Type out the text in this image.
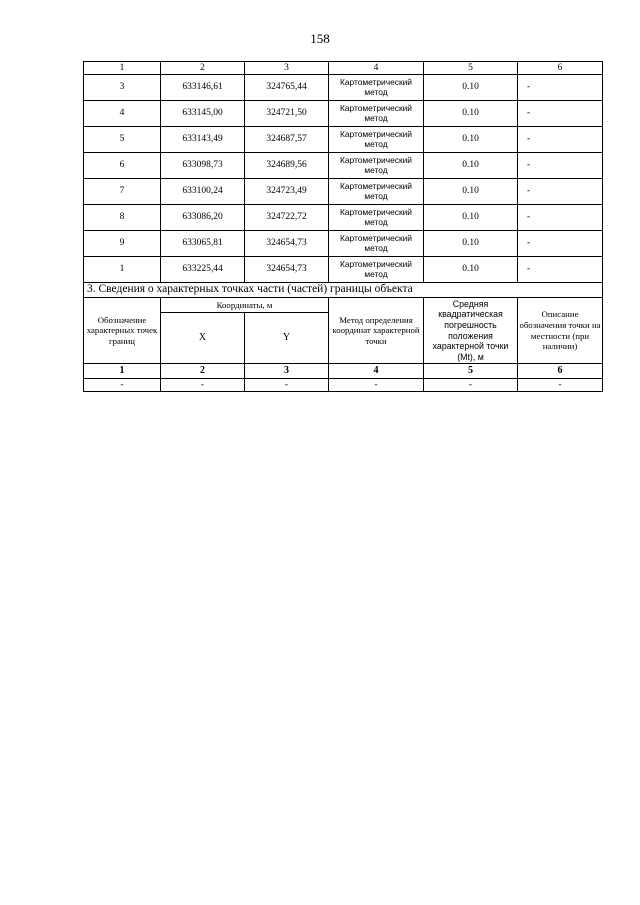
158
1	2	3	4	5	6
3	633146,61	324765,44	Картометрический метод	0.10	-
4	633145,00	324721,50	Картометрический метод	0.10	-
5	633143,49	324687,57	Картометрический метод	0.10	-
6	633098,73	324689,56	Картометрический метод	0.10	-
7	633100,24	324723,49	Картометрический метод	0.10	-
8	633086,20	324722,72	Картометрический метод	0.10	-
9	633065,81	324654,73	Картометрический метод	0.10	-
1	633225,44	324654,73	Картометрический метод	0.10	-
3. Сведения о характерных точках части (частей) границы объекта					
Обозначение характерных точек границ	Координаты, м		Метод определения координат характерной точки	Средняя квадратическая погрешность положения характерной точки (Mt), м	Описание обозначения точки на местности (при наличии)
	X	Y			
1	2	3	4	5	6
-	-	-	-	-	-
